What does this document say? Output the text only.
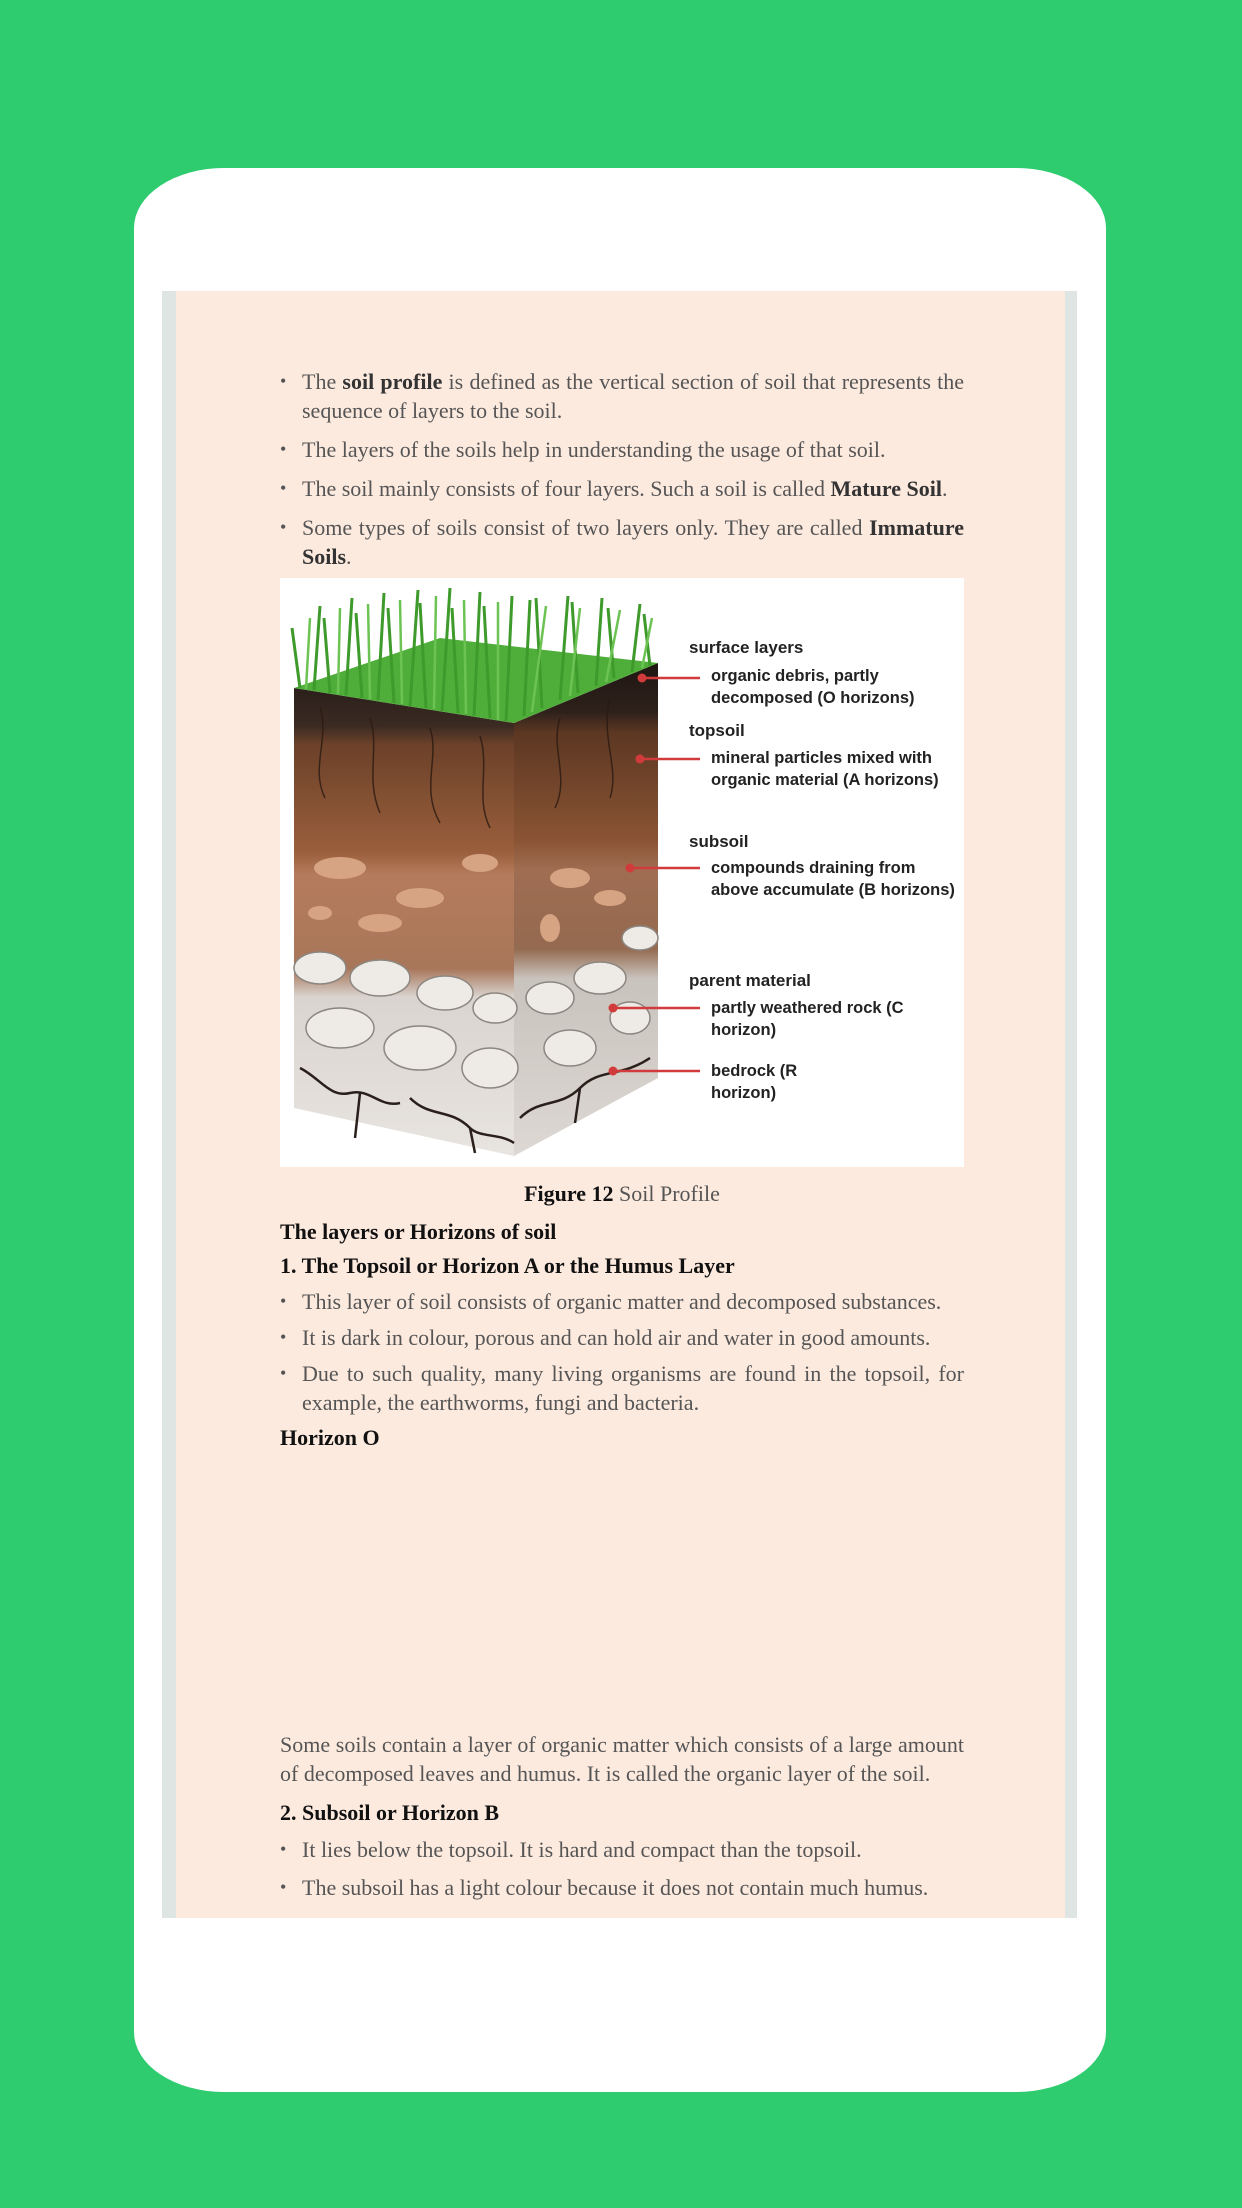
• The soil profile is defined as the vertical section of soil that represents the sequence of layers to the soil.
• The layers of the soils help in understanding the usage of that soil.
• The soil mainly consists of four layers. Such a soil is called Mature Soil.
• Some types of soils consist of two layers only. They are called Immature Soils.
surface layers
organic debris, partly decomposed (O horizons)
topsoil
mineral particles mixed with organic material (A horizons)
subsoil
compounds draining from above accumulate (B horizons)
parent material
partly weathered rock (C horizon)
bedrock (R horizon)
Figure 12 Soil Profile
The layers or Horizons of soil
1. The Topsoil or Horizon A or the Humus Layer
• This layer of soil consists of organic matter and decomposed substances.
• It is dark in colour, porous and can hold air and water in good amounts.
• Due to such quality, many living organisms are found in the topsoil, for example, the earthworms, fungi and bacteria.
Horizon O
Some soils contain a layer of organic matter which consists of a large amount of decomposed leaves and humus. It is called the organic layer of the soil.
2. Subsoil or Horizon B
• It lies below the topsoil. It is hard and compact than the topsoil.
• The subsoil has a light colour because it does not contain much humus.
